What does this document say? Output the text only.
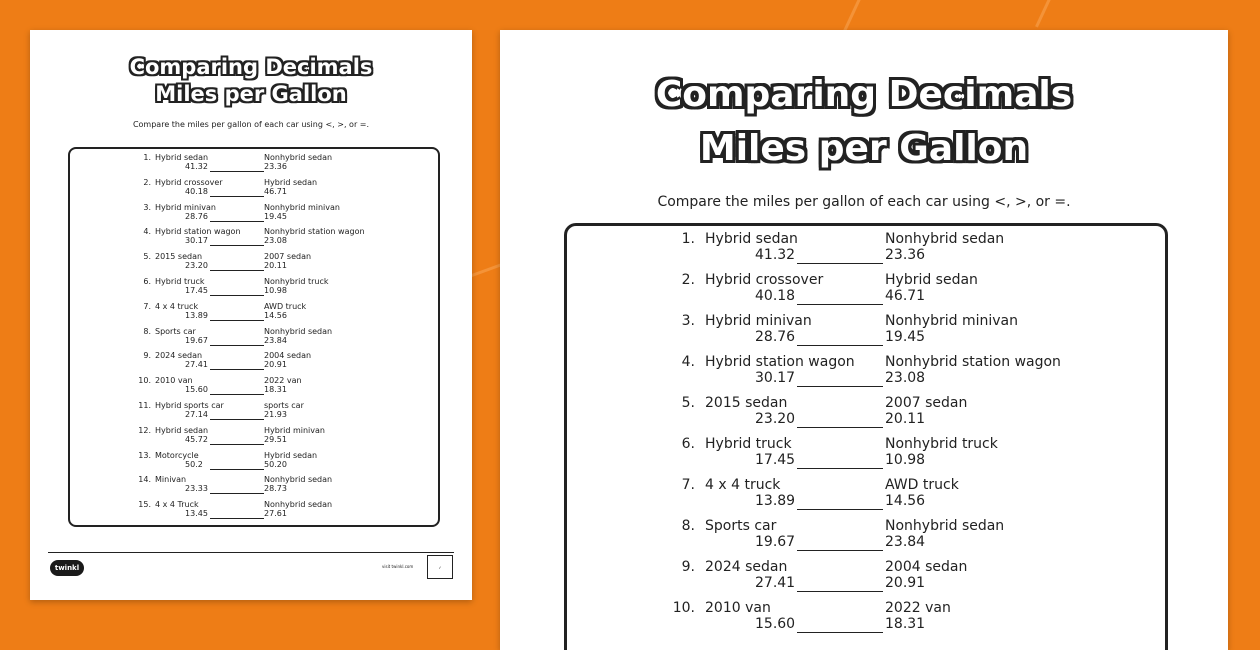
Comparing Decimals
Miles per Gallon
Compare the miles per gallon of each car using <, >, or =.
1. Hybrid sedan
41.32
Nonhybrid sedan
23.36
2. Hybrid crossover
40.18
Hybrid sedan
46.71
3. Hybrid minivan
28.76
Nonhybrid minivan
19.45
4. Hybrid station wagon
30.17
Nonhybrid station wagon
23.08
5. 2015 sedan
23.20
2007 sedan
20.11
6. Hybrid truck
17.45
Nonhybrid truck
10.98
7. 4 x 4 truck
13.89
AWD truck
14.56
8. Sports car
19.67
Nonhybrid sedan
23.84
9. 2024 sedan
27.41
2004 sedan
20.91
10. 2010 van
15.60
2022 van
18.31
11. Hybrid sports car
27.14
sports car
21.93
12. Hybrid sedan
45.72
Hybrid minivan
29.51
13. Motorcycle
50.2
Hybrid sedan
50.20
14. Minivan
23.33
Nonhybrid sedan
28.73
15. 4 x 4 Truck
13.45
Nonhybrid sedan
27.61
twinkl	visit twinkl.com	✓
Comparing Decimals
Miles per Gallon
Compare the miles per gallon of each car using <, >, or =.
1. Hybrid sedan
41.32
Nonhybrid sedan
23.36
2. Hybrid crossover
40.18
Hybrid sedan
46.71
3. Hybrid minivan
28.76
Nonhybrid minivan
19.45
4. Hybrid station wagon
30.17
Nonhybrid station wagon
23.08
5. 2015 sedan
23.20
2007 sedan
20.11
6. Hybrid truck
17.45
Nonhybrid truck
10.98
7. 4 x 4 truck
13.89
AWD truck
14.56
8. Sports car
19.67
Nonhybrid sedan
23.84
9. 2024 sedan
27.41
2004 sedan
20.91
10. 2010 van
15.60
2022 van
18.31
